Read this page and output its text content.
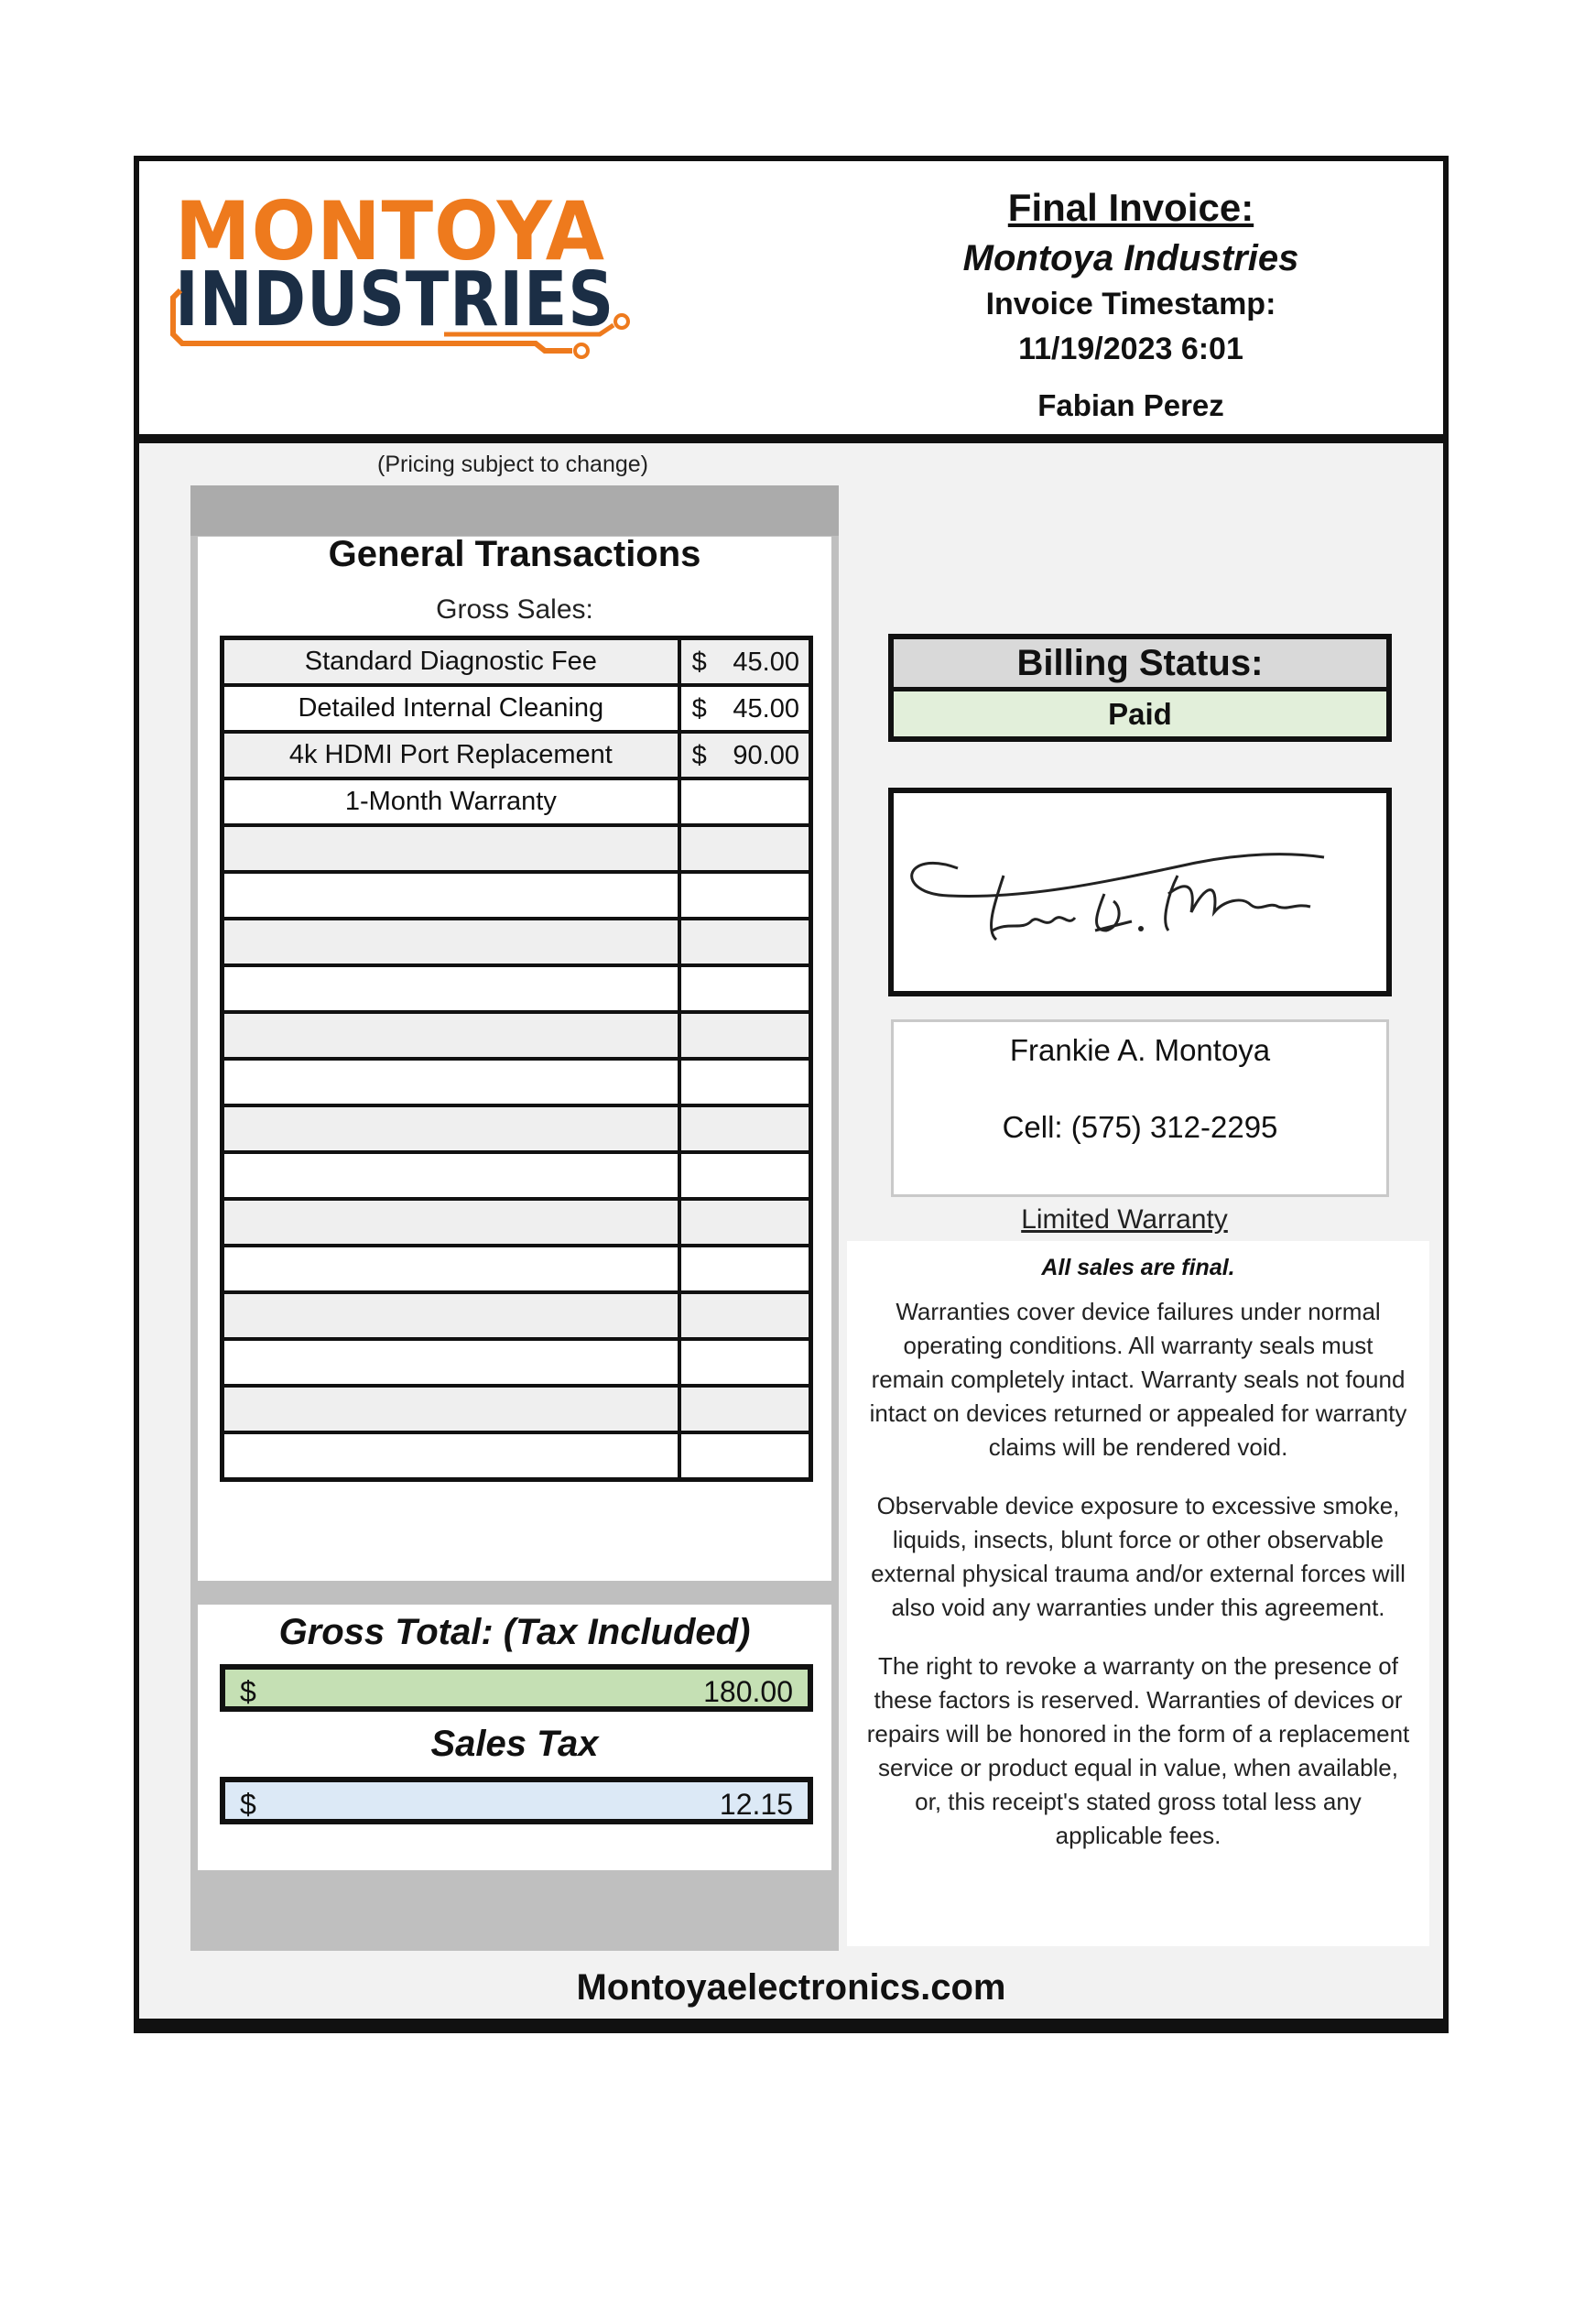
MONTOYA
INDUSTRIES
Final Invoice:
Montoya Industries
Invoice Timestamp:
11/19/2023 6:01
Fabian Perez
(Pricing subject to change)
General Transactions
Gross Sales:
Standard Diagnostic Fee	$ 45.00

Detailed Internal Cleaning	$ 45.00

4k HDMI Port Replacement	$ 90.00

1-Month Warranty	

Gross Total: (Tax Included)
$	180.00
Sales Tax
$	12.15
Billing Status:
Paid
Frankie A. Montoya
Cell: (575) 312-2295
Limited Warranty
All sales are final.
Warranties cover device failures under normal operating conditions. All warranty seals must remain completely intact. Warranty seals not found intact on devices returned or appealed for warranty claims will be rendered void.
Observable device exposure to excessive smoke, liquids, insects, blunt force or other observable external physical trauma and/or external forces will also void any warranties under this agreement.
The right to revoke a warranty on the presence of these factors is reserved. Warranties of devices or repairs will be honored in the form of a replacement service or product equal in value, when available, or, this receipt's stated gross total less any applicable fees.
Montoyaelectronics.com
